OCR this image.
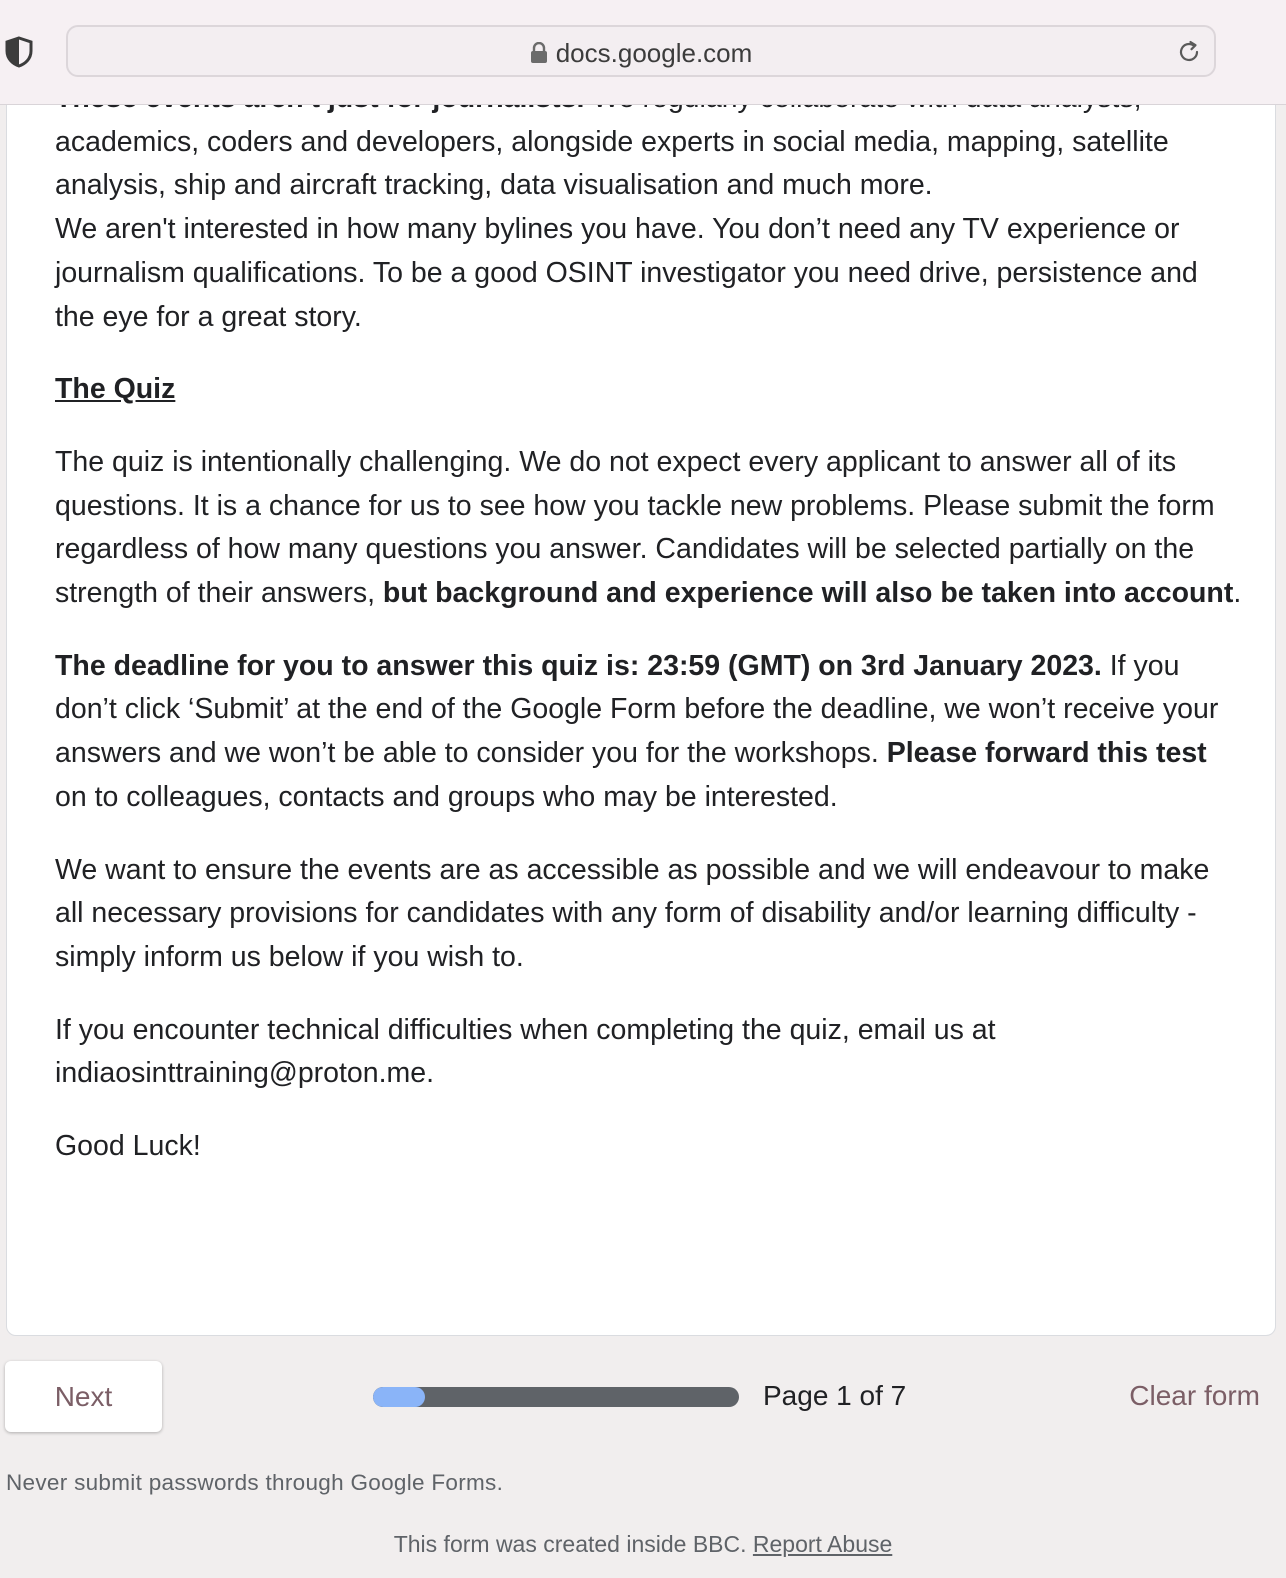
academics, coders and developers, alongside experts in social media, mapping, satellite analysis, ship and aircraft tracking, data visualisation and much more.

We aren't interested in how many bylines you have. You don’t need any TV experience or journalism qualifications. To be a good OSINT investigator you need drive, persistence and the eye for a great story.

The Quiz

The quiz is intentionally challenging. We do not expect every applicant to answer all of its questions. It is a chance for us to see how you tackle new problems. Please submit the form regardless of how many questions you answer. Candidates will be selected partially on the strength of their answers, but background and experience will also be taken into account.

The deadline for you to answer this quiz is: 23:59 (GMT) on 3rd January 2023. If you don’t click ‘Submit’ at the end of the Google Form before the deadline, we won’t receive your answers and we won’t be able to consider you for the workshops. Please forward this test on to colleagues, contacts and groups who may be interested.

We want to ensure the events are as accessible as possible and we will endeavour to make all necessary provisions for candidates with any form of disability and/or learning difficulty - simply inform us below if you wish to.

If you encounter technical difficulties when completing the quiz, email us at indiaosinttraining@proton.me.

Good Luck!

docs.google.com
Next	Page 1 of 7	Clear form
Never submit passwords through Google Forms.
This form was created inside BBC. Report Abuse
